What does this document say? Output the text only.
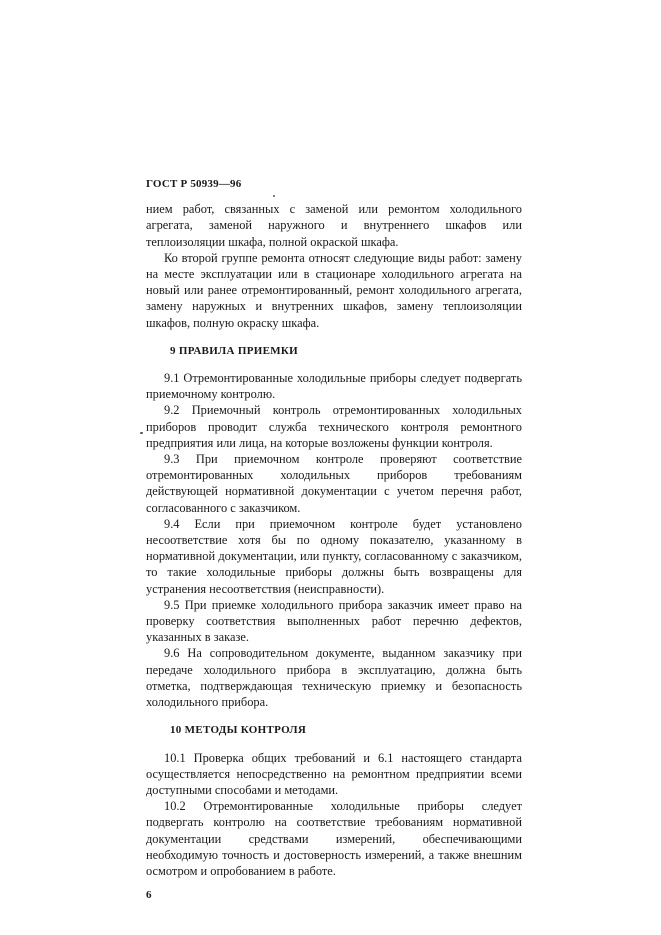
ГОСТ Р 50939—96

нием работ, связанных с заменой или ремонтом холодильного агрегата, заменой наружного и внутреннего шкафов или теплоизоляции шкафа, полной окраской шкафа.

Ко второй группе ремонта относят следующие виды работ: замену на месте эксплуатации или в стационаре холодильного агрегата на новый или ранее отремонтированный, ремонт холодильного агрегата, замену наружных и внутренних шкафов, замену теплоизоляции шкафов, полную окраску шкафа.

9 ПРАВИЛА ПРИЕМКИ

9.1 Отремонтированные холодильные приборы следует подвергать приемочному контролю.

9.2 Приемочный контроль отремонтированных холодильных приборов проводит служба технического контроля ремонтного предприятия или лица, на которые возложены функции контроля.

9.3 При приемочном контроле проверяют соответствие отремонтированных холодильных приборов требованиям действующей нормативной документации с учетом перечня работ, согласованного с заказчиком.

9.4 Если при приемочном контроле будет установлено несоответствие хотя бы по одному показателю, указанному в нормативной документации, или пункту, согласованному с заказчиком, то такие холодильные приборы должны быть возвращены для устранения несоответствия (неисправности).

9.5 При приемке холодильного прибора заказчик имеет право на проверку соответствия выполненных работ перечню дефектов, указанных в заказе.

9.6 На сопроводительном документе, выданном заказчику при передаче холодильного прибора в эксплуатацию, должна быть отметка, подтверждающая техническую приемку и безопасность холодильного прибора.

10 МЕТОДЫ КОНТРОЛЯ

10.1 Проверка общих требований и 6.1 настоящего стандарта осуществляется непосредственно на ремонтном предприятии всеми доступными способами и методами.

10.2 Отремонтированные холодильные приборы следует подвергать контролю на соответствие требованиям нормативной документации средствами измерений, обеспечивающими необходимую точность и достоверность измерений, а также внешним осмотром и опробованием в работе.

6
